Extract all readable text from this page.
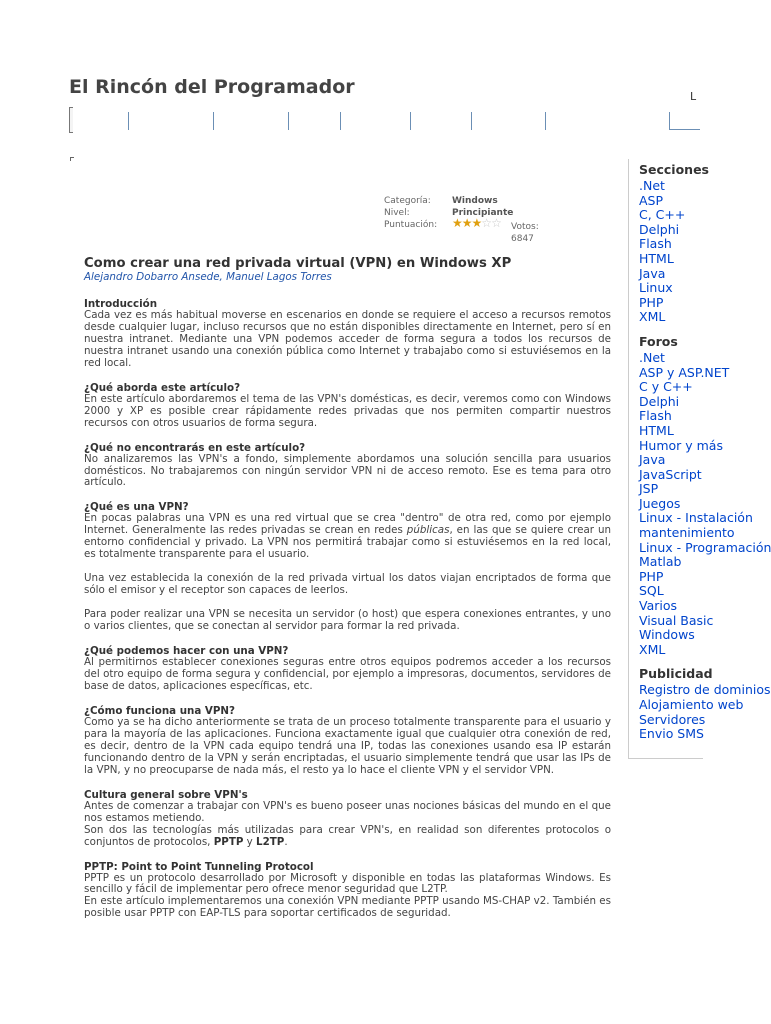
El Rincón del Programador	L
Categoría: Windows
Nivel:	Principiante
Puntuación: ★★★☆☆ Votos: 6847
Como crear una red privada virtual (VPN) en Windows XP
Alejandro Dobarro Ansede, Manuel Lagos Torres
Introducción

Cada vez es más habitual moverse en escenarios en donde se requiere el acceso a recursos remotos desde cualquier lugar, incluso recursos que no están disponibles directamente en Internet, pero sí en nuestra intranet. Mediante una VPN podemos acceder de forma segura a todos los recursos de nuestra intranet usando una conexión pública como Internet y trabajabo como si estuviésemos en la red local.

¿Qué aborda este artículo?

En este artículo abordaremos el tema de las VPN's domésticas, es decir, veremos como con Windows 2000 y XP es posible crear rápidamente redes privadas que nos permiten compartir nuestros recursos con otros usuarios de forma segura.

¿Qué no encontrarás en este artículo?

No analizaremos las VPN's a fondo, simplemente abordamos una solución sencilla para usuarios domésticos. No trabajaremos con ningún servidor VPN ni de acceso remoto. Ese es tema para otro artículo.

¿Qué es una VPN?

En pocas palabras una VPN es una red virtual que se crea "dentro" de otra red, como por ejemplo Internet. Generalmente las redes privadas se crean en redes públicas, en las que se quiere crear un entorno confidencial y privado. La VPN nos permitirá trabajar como si estuviésemos en la red local, es totalmente transparente para el usuario.

Una vez establecida la conexión de la red privada virtual los datos viajan encriptados de forma que sólo el emisor y el receptor son capaces de leerlos.

Para poder realizar una VPN se necesita un servidor (o host) que espera conexiones entrantes, y uno o varios clientes, que se conectan al servidor para formar la red privada.

¿Qué podemos hacer con una VPN?

Al permitirnos establecer conexiones seguras entre otros equipos podremos acceder a los recursos del otro equipo de forma segura y confidencial, por ejemplo a impresoras, documentos, servidores de base de datos, aplicaciones específicas, etc.

¿Cómo funciona una VPN?

Como ya se ha dicho anteriormente se trata de un proceso totalmente transparente para el usuario y para la mayoría de las aplicaciones. Funciona exactamente igual que cualquier otra conexión de red, es decir, dentro de la VPN cada equipo tendrá una IP, todas las conexiones usando esa IP estarán funcionando dentro de la VPN y serán encriptadas, el usuario simplemente tendrá que usar las IPs de la VPN, y no preocuparse de nada más, el resto ya lo hace el cliente VPN y el servidor VPN.

Cultura general sobre VPN's

Antes de comenzar a trabajar con VPN's es bueno poseer unas nociones básicas del mundo en el que nos estamos metiendo.
Son dos las tecnologías más utilizadas para crear VPN's, en realidad son diferentes protocolos o conjuntos de protocolos, PPTP y L2TP.

PPTP: Point to Point Tunneling Protocol

PPTP es un protocolo desarrollado por Microsoft y disponible en todas las plataformas Windows. Es sencillo y fácil de implementar pero ofrece menor seguridad que L2TP.
En este artículo implementaremos una conexión VPN mediante PPTP usando MS-CHAP v2. También es posible usar PPTP con EAP-TLS para soportar certificados de seguridad.

Secciones
.Net
ASP
C, C++
Delphi
Flash
HTML
Java
Linux
PHP
XML
Foros
.Net
ASP y ASP.NET
C y C++
Delphi
Flash
HTML
Humor y más
Java
JavaScript
JSP
Juegos
Linux - Instalación
mantenimiento
Linux - Programación
Matlab
PHP
SQL
Varios
Visual Basic
Windows
XML
Publicidad
Registro de dominios
Alojamiento web
Servidores
Envio SMS
